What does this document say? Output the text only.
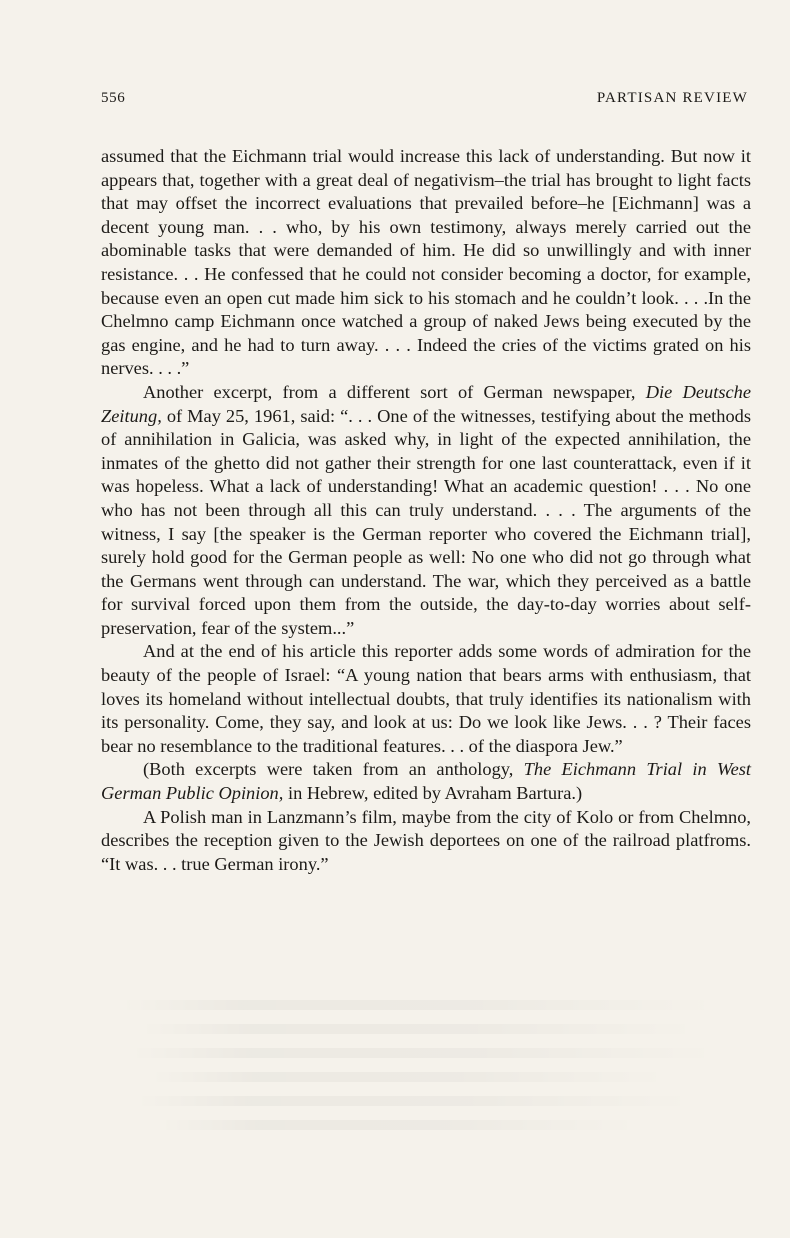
556	PARTISAN REVIEW

assumed that the Eichmann trial would increase this lack of understanding. But now it appears that, together with a great deal of negativism–the trial has brought to light facts that may offset the incorrect evaluations that prevailed before–he [Eichmann] was a decent young man. . . who, by his own testimony, always merely carried out the abominable tasks that were demanded of him. He did so unwillingly and with inner resistance. . . He confessed that he could not consider becoming a doctor, for example, because even an open cut made him sick to his stomach and he couldn’t look. . . .In the Chelmno camp Eichmann once watched a group of naked Jews being executed by the gas engine, and he had to turn away. . . . Indeed the cries of the victims grated on his nerves. . . .”

Another excerpt, from a different sort of German newspaper, Die Deutsche Zeitung, of May 25, 1961, said: “. . . One of the witnesses, testifying about the methods of annihilation in Galicia, was asked why, in light of the expected annihilation, the inmates of the ghetto did not gather their strength for one last counterattack, even if it was hopeless. What a lack of understanding! What an academic question! . . . No one who has not been through all this can truly understand. . . . The arguments of the witness, I say [the speaker is the German reporter who covered the Eichmann trial], surely hold good for the German people as well: No one who did not go through what the Germans went through can understand. The war, which they perceived as a battle for survival forced upon them from the outside, the day-to-day worries about self-preservation, fear of the system...”

And at the end of his article this reporter adds some words of admiration for the beauty of the people of Israel: “A young nation that bears arms with enthusiasm, that loves its homeland without intellectual doubts, that truly identifies its nationalism with its personality. Come, they say, and look at us: Do we look like Jews. . . ? Their faces bear no resemblance to the traditional features. . . of the diaspora Jew.”

(Both excerpts were taken from an anthology, The Eichmann Trial in West German Public Opinion, in Hebrew, edited by Avraham Bartura.)

A Polish man in Lanzmann’s film, maybe from the city of Kolo or from Chelmno, describes the reception given to the Jewish deportees on one of the railroad platfroms. “It was. . . true German irony.”
